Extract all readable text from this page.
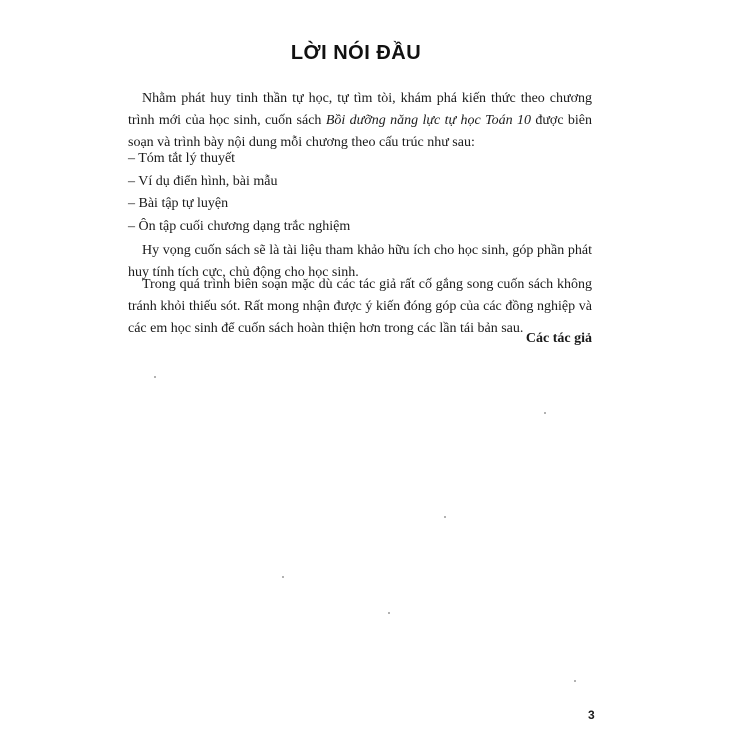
LỜI NÓI ĐẦU
Nhằm phát huy tinh thần tự học, tự tìm tòi, khám phá kiến thức theo chương trình mới của học sinh, cuốn sách Bồi dưỡng năng lực tự học Toán 10 được biên soạn và trình bày nội dung mỗi chương theo cấu trúc như sau:
– Tóm tắt lý thuyết
– Ví dụ điển hình, bài mẫu
– Bài tập tự luyện
– Ôn tập cuối chương dạng trắc nghiệm
Hy vọng cuốn sách sẽ là tài liệu tham khảo hữu ích cho học sinh, góp phần phát huy tính tích cực, chủ động cho học sinh.
Trong quá trình biên soạn mặc dù các tác giả rất cố gắng song cuốn sách không tránh khỏi thiếu sót. Rất mong nhận được ý kiến đóng góp của các đồng nghiệp và các em học sinh để cuốn sách hoàn thiện hơn trong các lần tái bản sau.
Các tác giả
3
